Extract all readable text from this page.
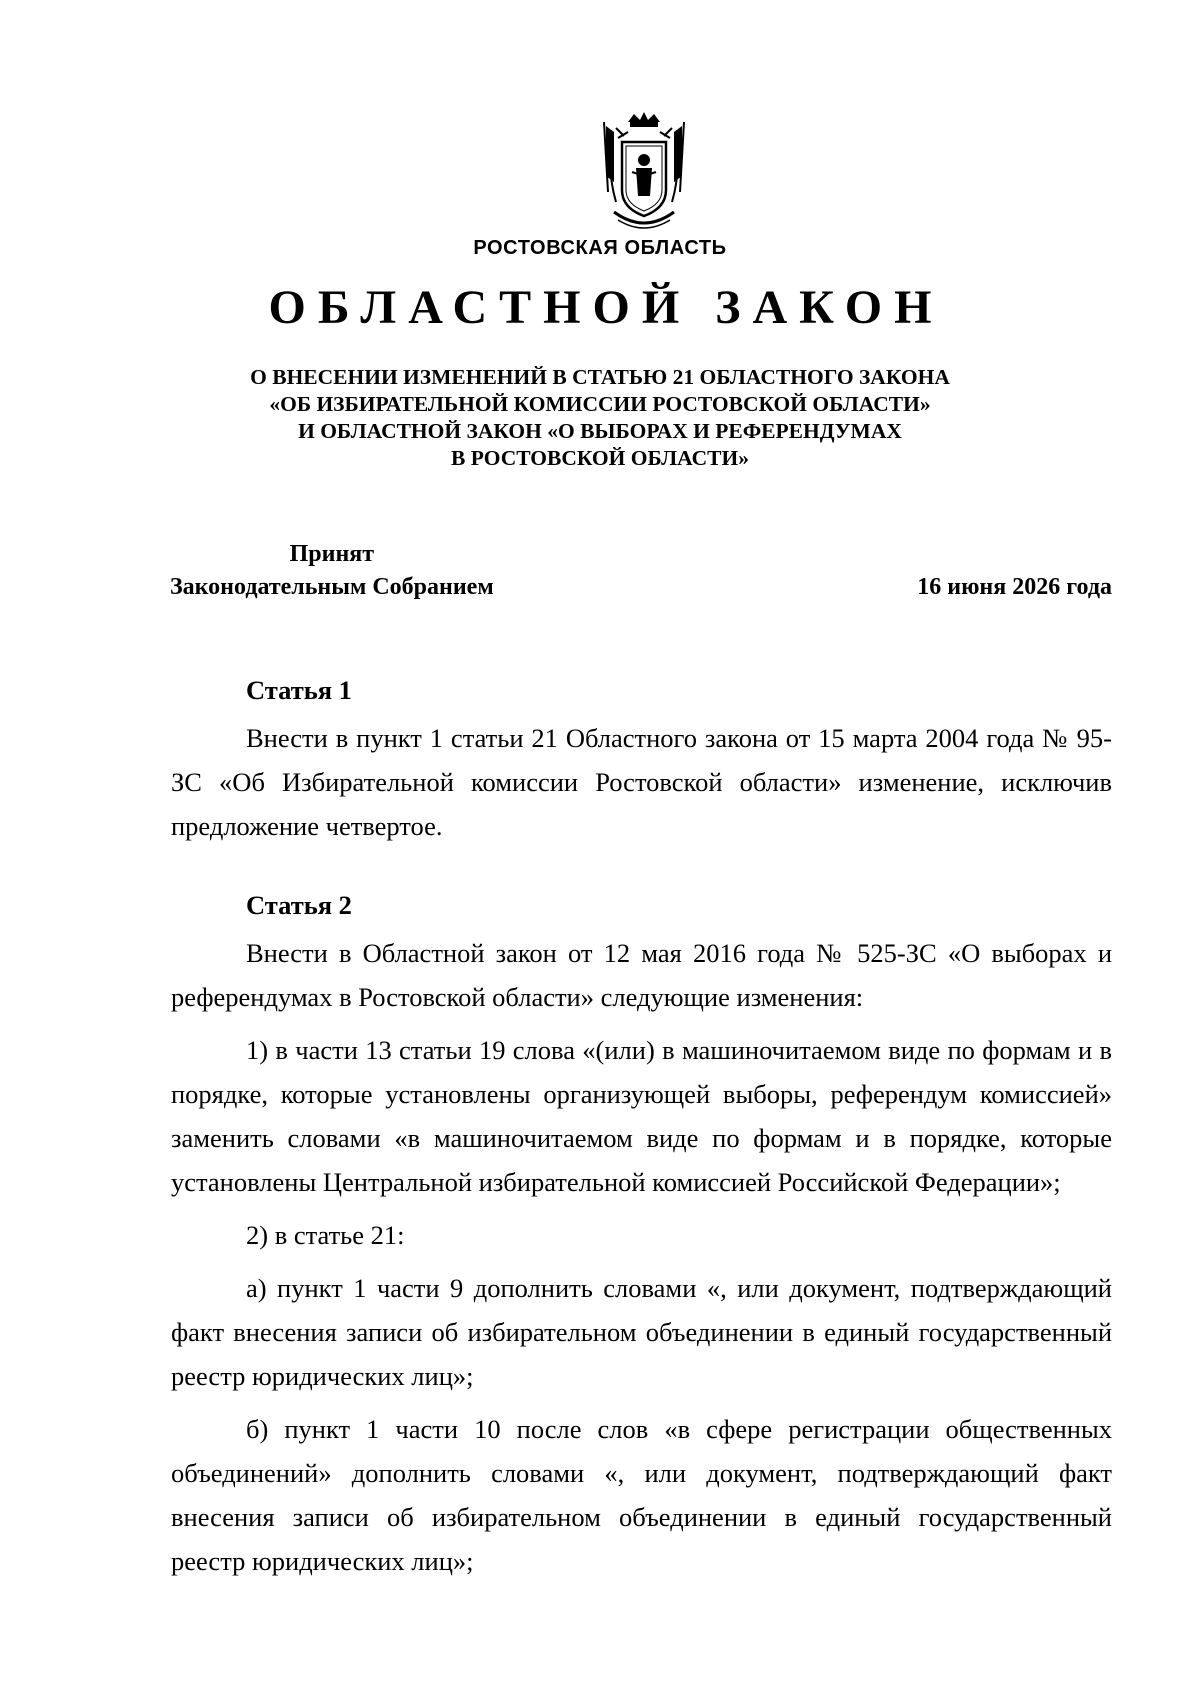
РОСТОВСКАЯ ОБЛАСТЬ
ОБЛАСТНОЙ ЗАКОН
О ВНЕСЕНИИ ИЗМЕНЕНИЙ В СТАТЬЮ 21 ОБЛАСТНОГО ЗАКОНА
«ОБ ИЗБИРАТЕЛЬНОЙ КОМИССИИ РОСТОВСКОЙ ОБЛАСТИ»
И ОБЛАСТНОЙ ЗАКОН «О ВЫБОРАХ И РЕФЕРЕНДУМАХ
В РОСТОВСКОЙ ОБЛАСТИ»
Принят
Законодательным Собранием	16 июня 2026 года
Статья 1

Внести в пункт 1 статьи 21 Областного закона от 15 марта 2004 года № 95-ЗС «Об Избирательной комиссии Ростовской области» изменение, исключив предложение четвертое.

Статья 2

Внести в Областной закон от 12 мая 2016 года № 525-ЗС «О выборах и референдумах в Ростовской области» следующие изменения:

1) в части 13 статьи 19 слова «(или) в машиночитаемом виде по формам и в порядке, которые установлены организующей выборы, референдум комиссией» заменить словами «в машиночитаемом виде по формам и в порядке, которые установлены Центральной избирательной комиссией Российской Федерации»;

2) в статье 21:

а) пункт 1 части 9 дополнить словами «, или документ, подтверждающий факт внесения записи об избирательном объединении в единый государственный реестр юридических лиц»;

б) пункт 1 части 10 после слов «в сфере регистрации общественных объединений» дополнить словами «, или документ, подтверждающий факт внесения записи об избирательном объединении в единый государственный реестр юридических лиц»;
